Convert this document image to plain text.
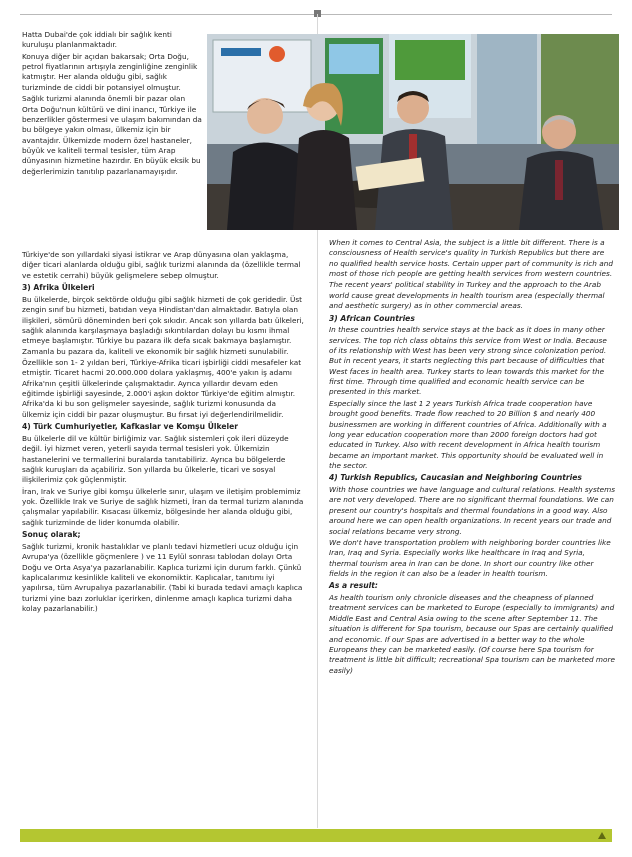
Hatta Dubai'de çok iddialı bir sağlık kenti kuruluşu planlanmaktadır.

Konuya diğer bir açıdan bakarsak; Orta Doğu, petrol fiyatlarının artışıyla zenginliğine zenginlik katmıştır. Her alanda olduğu gibi, sağlık turizminde de ciddi bir potansiyel olmuştur.

Sağlık turizmi alanında önemli bir pazar olan Orta Doğu'nun kültürü ve dini inancı, Türkiye ile benzerlikler göstermesi ve ulaşım bakımından da bu bölgeye yakın olması, ülkemiz için bir avantajdır. Ülkemizde modern özel hastaneler, büyük ve kaliteli termal tesisler, tüm Arap dünyasının hizmetine hazırdır. En büyük eksik bu değerlerimizin tanıtılıp pazarlanamayışıdır.

Türkiye'de son yıllardaki siyasi istikrar ve Arap dünyasına olan yaklaşma, diğer ticari alanlarda olduğu gibi, sağlık turizmi alanında da (özellikle termal ve estetik cerrahi) büyük gelişmelere sebep olmuştur.

3) Afrika Ülkeleri

Bu ülkelerde, birçok sektörde olduğu gibi sağlık hizmeti de çok geridedir. Üst zengin sınıf bu hizmeti, batıdan veya Hindistan'dan almaktadır. Batıyla olan ilişkileri, sömürü döneminden beri çok sıkıdır. Ancak son yıllarda batı ülkeleri, sağlık alanında karşılaşmaya başladığı sıkıntılardan dolayı bu kısmı ihmal etmeye başlamıştır. Türkiye bu pazara ilk defa sıcak bakmaya başlamıştır. Zamanla bu pazara da, kaliteli ve ekonomik bir sağlık hizmeti sunulabilir.

Özellikle son 1- 2 yıldan beri, Türkiye-Afrika ticari işbirliği ciddi mesafeler kat etmiştir. Ticaret hacmi 20.000.000 dolara yaklaşmış, 400'e yakın iş adamı Afrika'nın çeşitli ülkelerinde çalışmaktadır. Ayrıca yıllardır devam eden eğitimde işbirliği sayesinde, 2.000'i aşkın doktor Türkiye'de eğitim almıştır. Afrika'da ki bu son gelişmeler sayesinde, sağlık turizmi konusunda da ülkemiz için ciddi bir pazar oluşmuştur. Bu fırsat iyi değerlendirilmelidir.

4) Türk Cumhuriyetler, Kafkaslar ve Komşu Ülkeler

Bu ülkelerle dil ve kültür birliğimiz var. Sağlık sistemleri çok ileri düzeyde değil. İyi hizmet veren, yeterli sayıda termal tesisleri yok. Ülkemizin hastanelerini ve termallerini buralarda tanıtabiliriz. Ayrıca bu bölgelerde sağlık kuruşları da açabiliriz. Son yıllarda bu ülkelerle, ticari ve sosyal ilişkilerimiz çok güçlenmiştir.

İran, Irak ve Suriye gibi komşu ülkelerle sınır, ulaşım ve iletişim problemimiz yok. Özellikle Irak ve Suriye de sağlık hizmeti, İran da termal turizm alanında çalışmalar yapılabilir. Kısacası ülkemiz, bölgesinde her alanda olduğu gibi, sağlık turizminde de lider konumda olabilir.

Sonuç olarak;

Sağlık turizmi, kronik hastalıklar ve planlı tedavi hizmetleri ucuz olduğu için Avrupa'ya (özellikle göçmenlere ) ve 11 Eylül sonrası tablodan dolayı Orta Doğu ve Orta Asya'ya pazarlanabilir. Kaplıca turizmi için durum farklı. Çünkü kaplıcalarımız kesinlikle kaliteli ve ekonomiktir. Kaplıcalar, tanıtımı iyi yapılırsa, tüm Avrupalıya pazarlanabilir. (Tabi ki burada tedavi amaçlı kaplıca turizmi yine bazı zorluklar içerirken, dinlenme amaçlı kaplıca turizmi daha kolay pazarlanabilir.)

When it comes to Central Asia, the subject is a little bit different. There is a consciousness of Health service's quality in Turkish Republics but there are no qualified health service hosts. Certain upper part of community is rich and most of those rich people are getting health services from western countries.

The recent years' political stability in Turkey and the approach to the Arab world cause great developments in health tourism area (especially thermal and aesthetic surgery) as in other commercial areas.

3) African Countries

In these countries health service stays at the back as it does in many other services. The top rich class obtains this service from West or India. Because of its relationship with West has been very strong since colonization period. But in recent years, it starts neglecting this part because of difficulties that West faces in health area. Turkey starts to lean towards this market for the first time. Through time qualified and economic health service can be presented in this market.

Especially since the last 1 2 years Turkish Africa trade cooperation have brought good benefits. Trade flow reached to 20 Billion $ and nearly 400 businessmen are working in different countries of Africa. Additionally with a long year education cooperation more than 2000 foreign doctors had got educated in Turkey. Also with recent development in Africa health tourism became an important market. This opportunity should be evaluated well in the sector.

4) Turkish Republics, Caucasian and Neighboring Countries

With those countries we have language and cultural relations. Health systems are not very developed. There are no significant thermal foundations. We can present our country's hospitals and thermal foundations in a good way. Also around here we can open health organizations. In recent years our trade and social relations became very strong.

We don't have transportation problem with neighboring border countries like Iran, Iraq and Syria. Especially works like healthcare in Iraq and Syria, thermal tourism area in Iran can be done. In short our country like other fields in the region it can also be a leader in health tourism.

As a result:

As health tourism only chronicle diseases and the cheapness of planned treatment services can be marketed to Europe (especially to immigrants) and Middle East and Central Asia owing to the scene after September 11. The situation is different for Spa tourism, because our Spas are certainly qualified and economic. If our Spas are advertised in a better way to the whole Europeans they can be marketed easily. (Of course here Spa tourism for treatment is little bit difficult; recreational Spa tourism can be marketed more easily)
